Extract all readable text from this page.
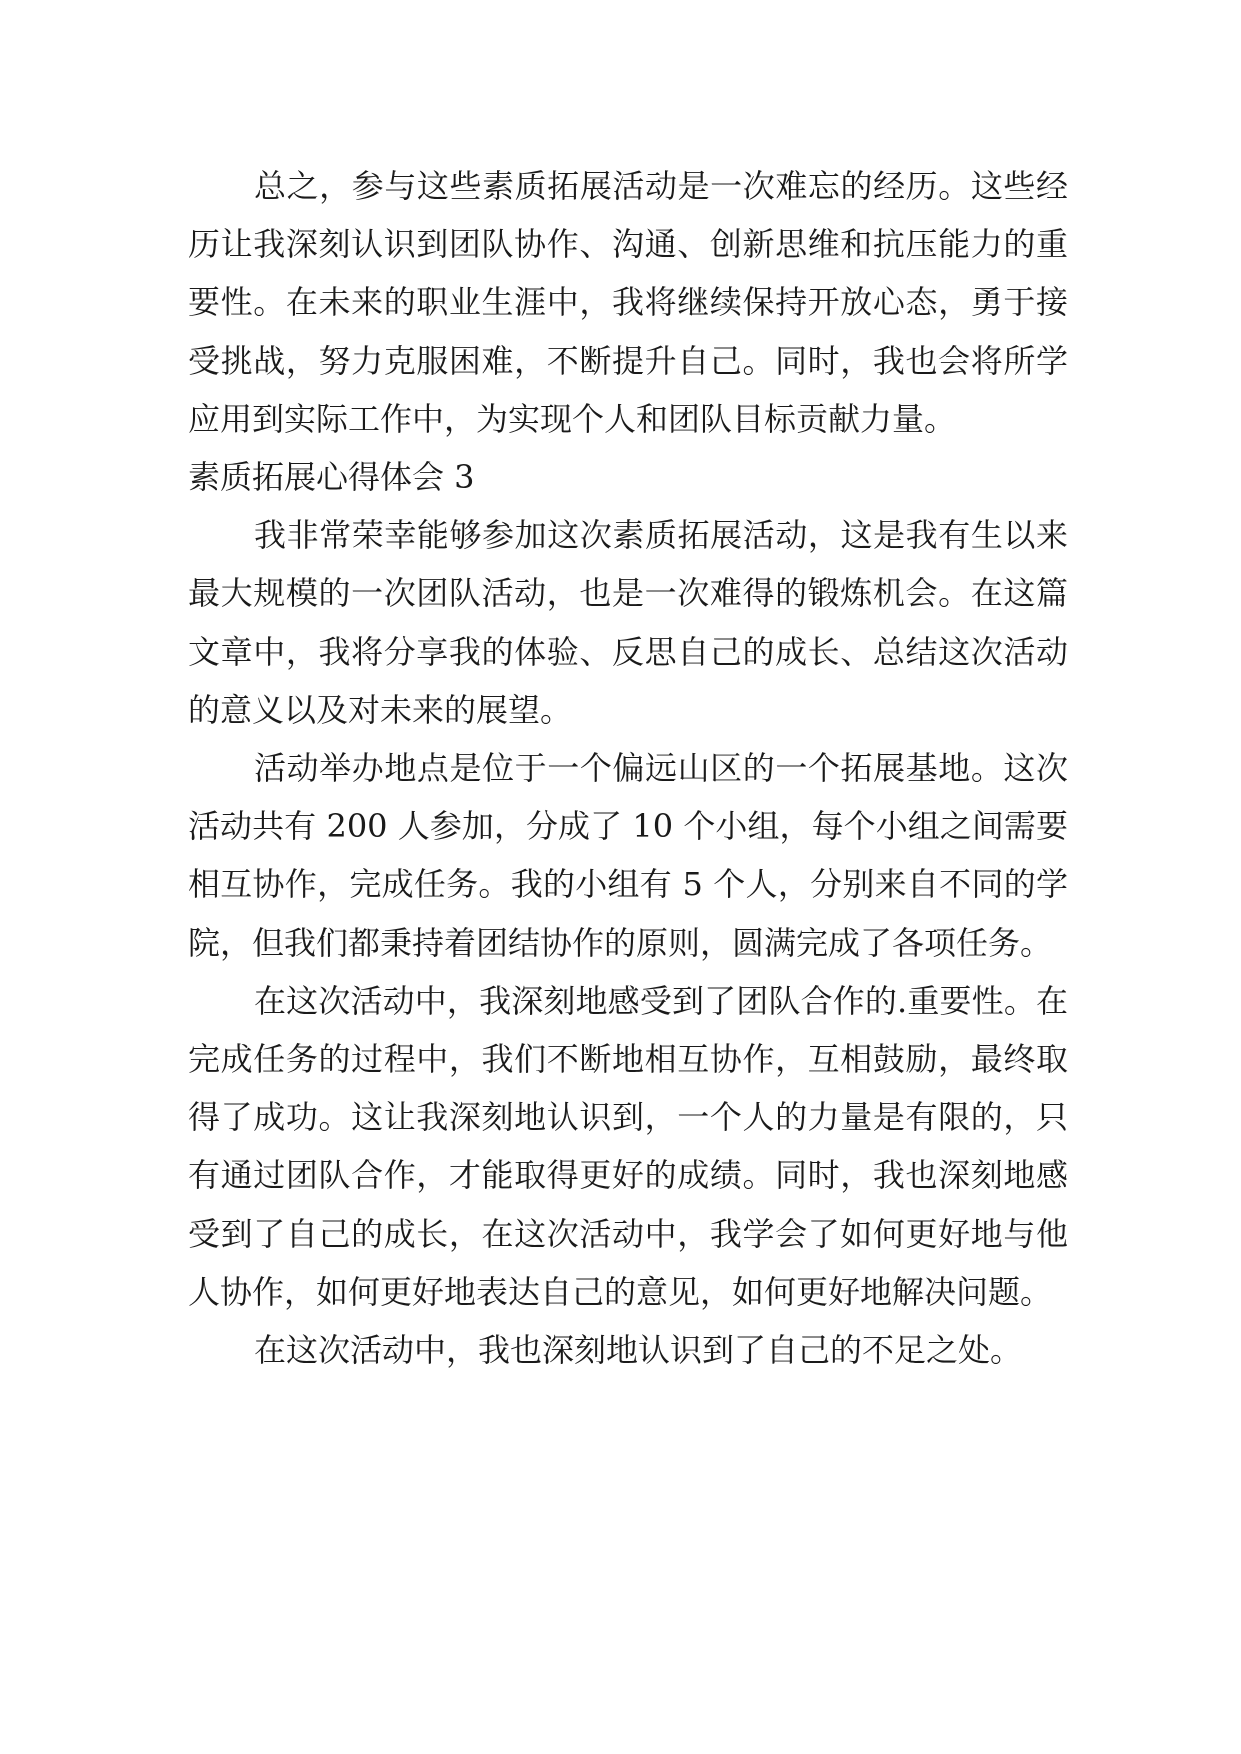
总之，参与这些素质拓展活动是一次难忘的经历。这些经历让我深刻认识到团队协作、沟通、创新思维和抗压能力的重要性。在未来的职业生涯中，我将继续保持开放心态，勇于接受挑战，努力克服困难，不断提升自己。同时，我也会将所学应用到实际工作中，为实现个人和团队目标贡献力量。

素质拓展心得体会 3

我非常荣幸能够参加这次素质拓展活动，这是我有生以来最大规模的一次团队活动，也是一次难得的锻炼机会。在这篇文章中，我将分享我的体验、反思自己的成长、总结这次活动的意义以及对未来的展望。

活动举办地点是位于一个偏远山区的一个拓展基地。这次活动共有 200 人参加，分成了 10 个小组，每个小组之间需要相互协作，完成任务。我的小组有 5 个人，分别来自不同的学院，但我们都秉持着团结协作的原则，圆满完成了各项任务。

在这次活动中，我深刻地感受到了团队合作的.重要性。在完成任务的过程中，我们不断地相互协作，互相鼓励，最终取得了成功。这让我深刻地认识到，一个人的力量是有限的，只有通过团队合作，才能取得更好的成绩。同时，我也深刻地感受到了自己的成长，在这次活动中，我学会了如何更好地与他人协作，如何更好地表达自己的意见，如何更好地解决问题。

在这次活动中，我也深刻地认识到了自己的不足之处。
